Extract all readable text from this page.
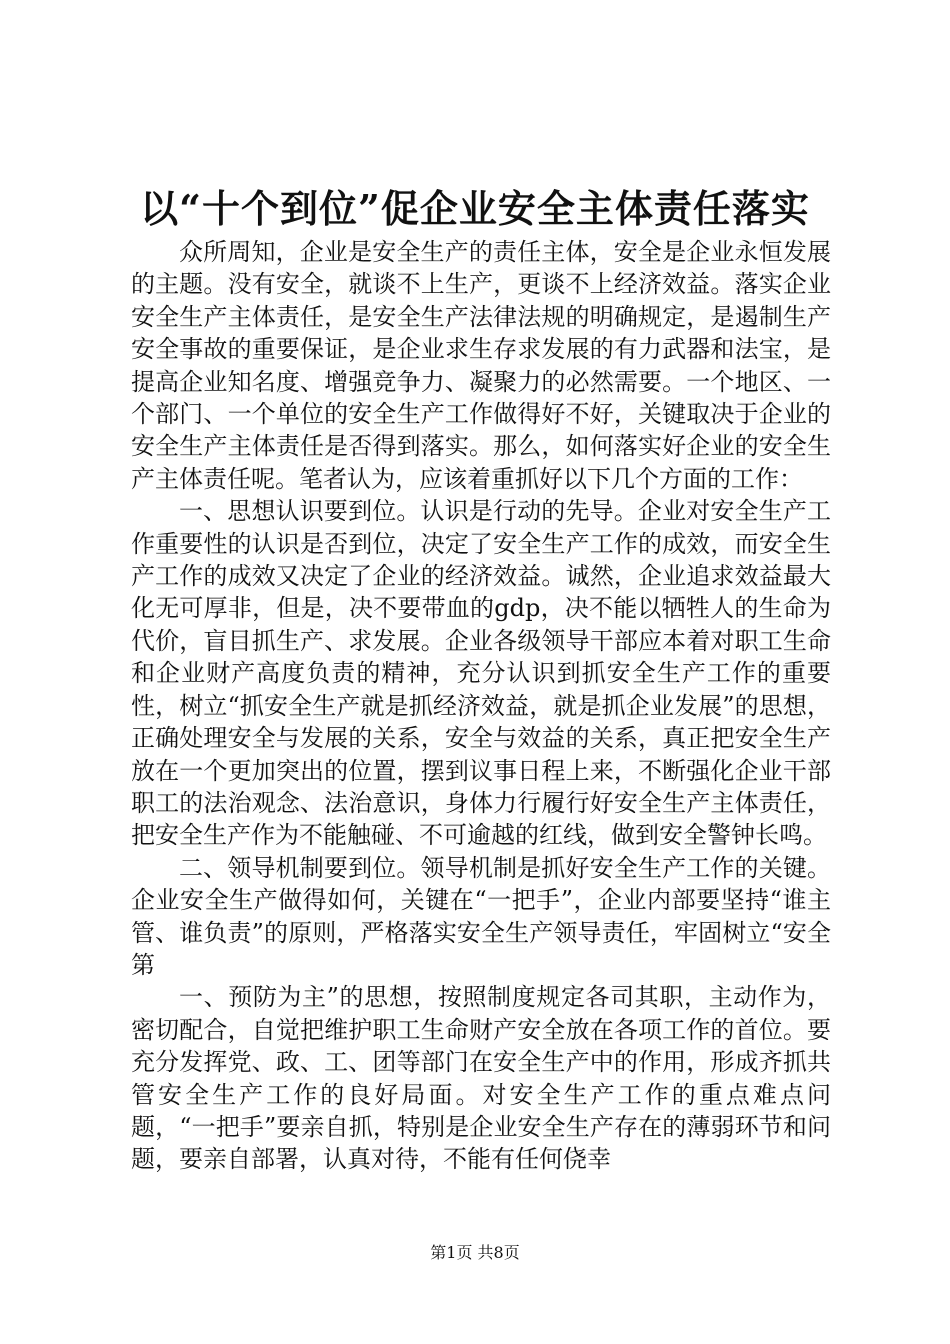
以“十个到位”促企业安全主体责任落实

众所周知，企业是安全生产的责任主体，安全是企业永恒发展的主题。没有安全，就谈不上生产，更谈不上经济效益。落实企业安全生产主体责任，是安全生产法律法规的明确规定，是遏制生产安全事故的重要保证，是企业求生存求发展的有力武器和法宝，是提高企业知名度、增强竞争力、凝聚力的必然需要。一个地区、一个部门、一个单位的安全生产工作做得好不好，关键取决于企业的安全生产主体责任是否得到落实。那么，如何落实好企业的安全生产主体责任呢。笔者认为，应该着重抓好以下几个方面的工作：

一、思想认识要到位。认识是行动的先导。企业对安全生产工作重要性的认识是否到位，决定了安全生产工作的成效，而安全生产工作的成效又决定了企业的经济效益。诚然，企业追求效益最大化无可厚非，但是，决不要带血的gdp，决不能以牺牲人的生命为代价，盲目抓生产、求发展。企业各级领导干部应本着对职工生命和企业财产高度负责的精神，充分认识到抓安全生产工作的重要性，树立“抓安全生产就是抓经济效益，就是抓企业发展”的思想，正确处理安全与发展的关系，安全与效益的关系，真正把安全生产放在一个更加突出的位置，摆到议事日程上来，不断强化企业干部职工的法治观念、法治意识，身体力行履行好安全生产主体责任，把安全生产作为不能触碰、不可逾越的红线，做到安全警钟长鸣。

二、领导机制要到位。领导机制是抓好安全生产工作的关键。企业安全生产做得如何，关键在“一把手”，企业内部要坚持“谁主管、谁负责”的原则，严格落实安全生产领导责任，牢固树立“安全第

一、预防为主”的思想，按照制度规定各司其职，主动作为，密切配合，自觉把维护职工生命财产安全放在各项工作的首位。要充分发挥党、政、工、团等部门在安全生产中的作用，形成齐抓共管安全生产工作的良好局面。对安全生产工作的重点难点问题，“一把手”要亲自抓，特别是企业安全生产存在的薄弱环节和问题，要亲自部署，认真对待，不能有任何侥幸

第1页 共8页
